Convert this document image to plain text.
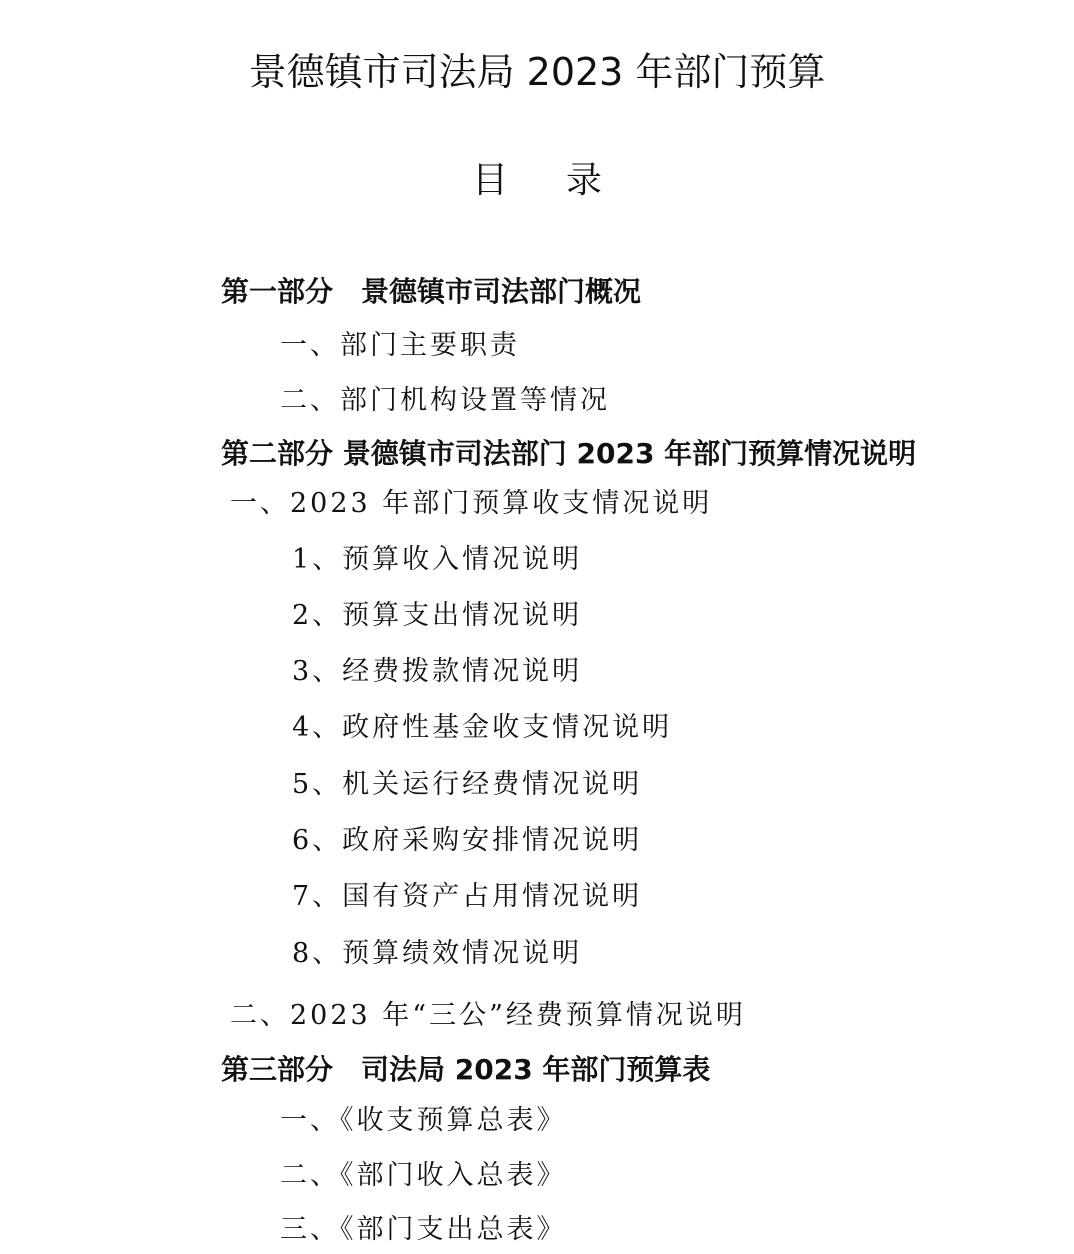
景德镇市司法局 2023 年部门预算
目录
第一部分　景德镇市司法部门概况
一、部门主要职责
二、部门机构设置等情况
第二部分 景德镇市司法部门 2023 年部门预算情况说明
一、2023 年部门预算收支情况说明
1、预算收入情况说明
2、预算支出情况说明
3、经费拨款情况说明
4、政府性基金收支情况说明
5、机关运行经费情况说明
6、政府采购安排情况说明
7、国有资产占用情况说明
8、预算绩效情况说明
二、2023 年“三公”经费预算情况说明
第三部分　司法局 2023 年部门预算表
一、《收支预算总表》
二、《部门收入总表》
三、《部门支出总表》
